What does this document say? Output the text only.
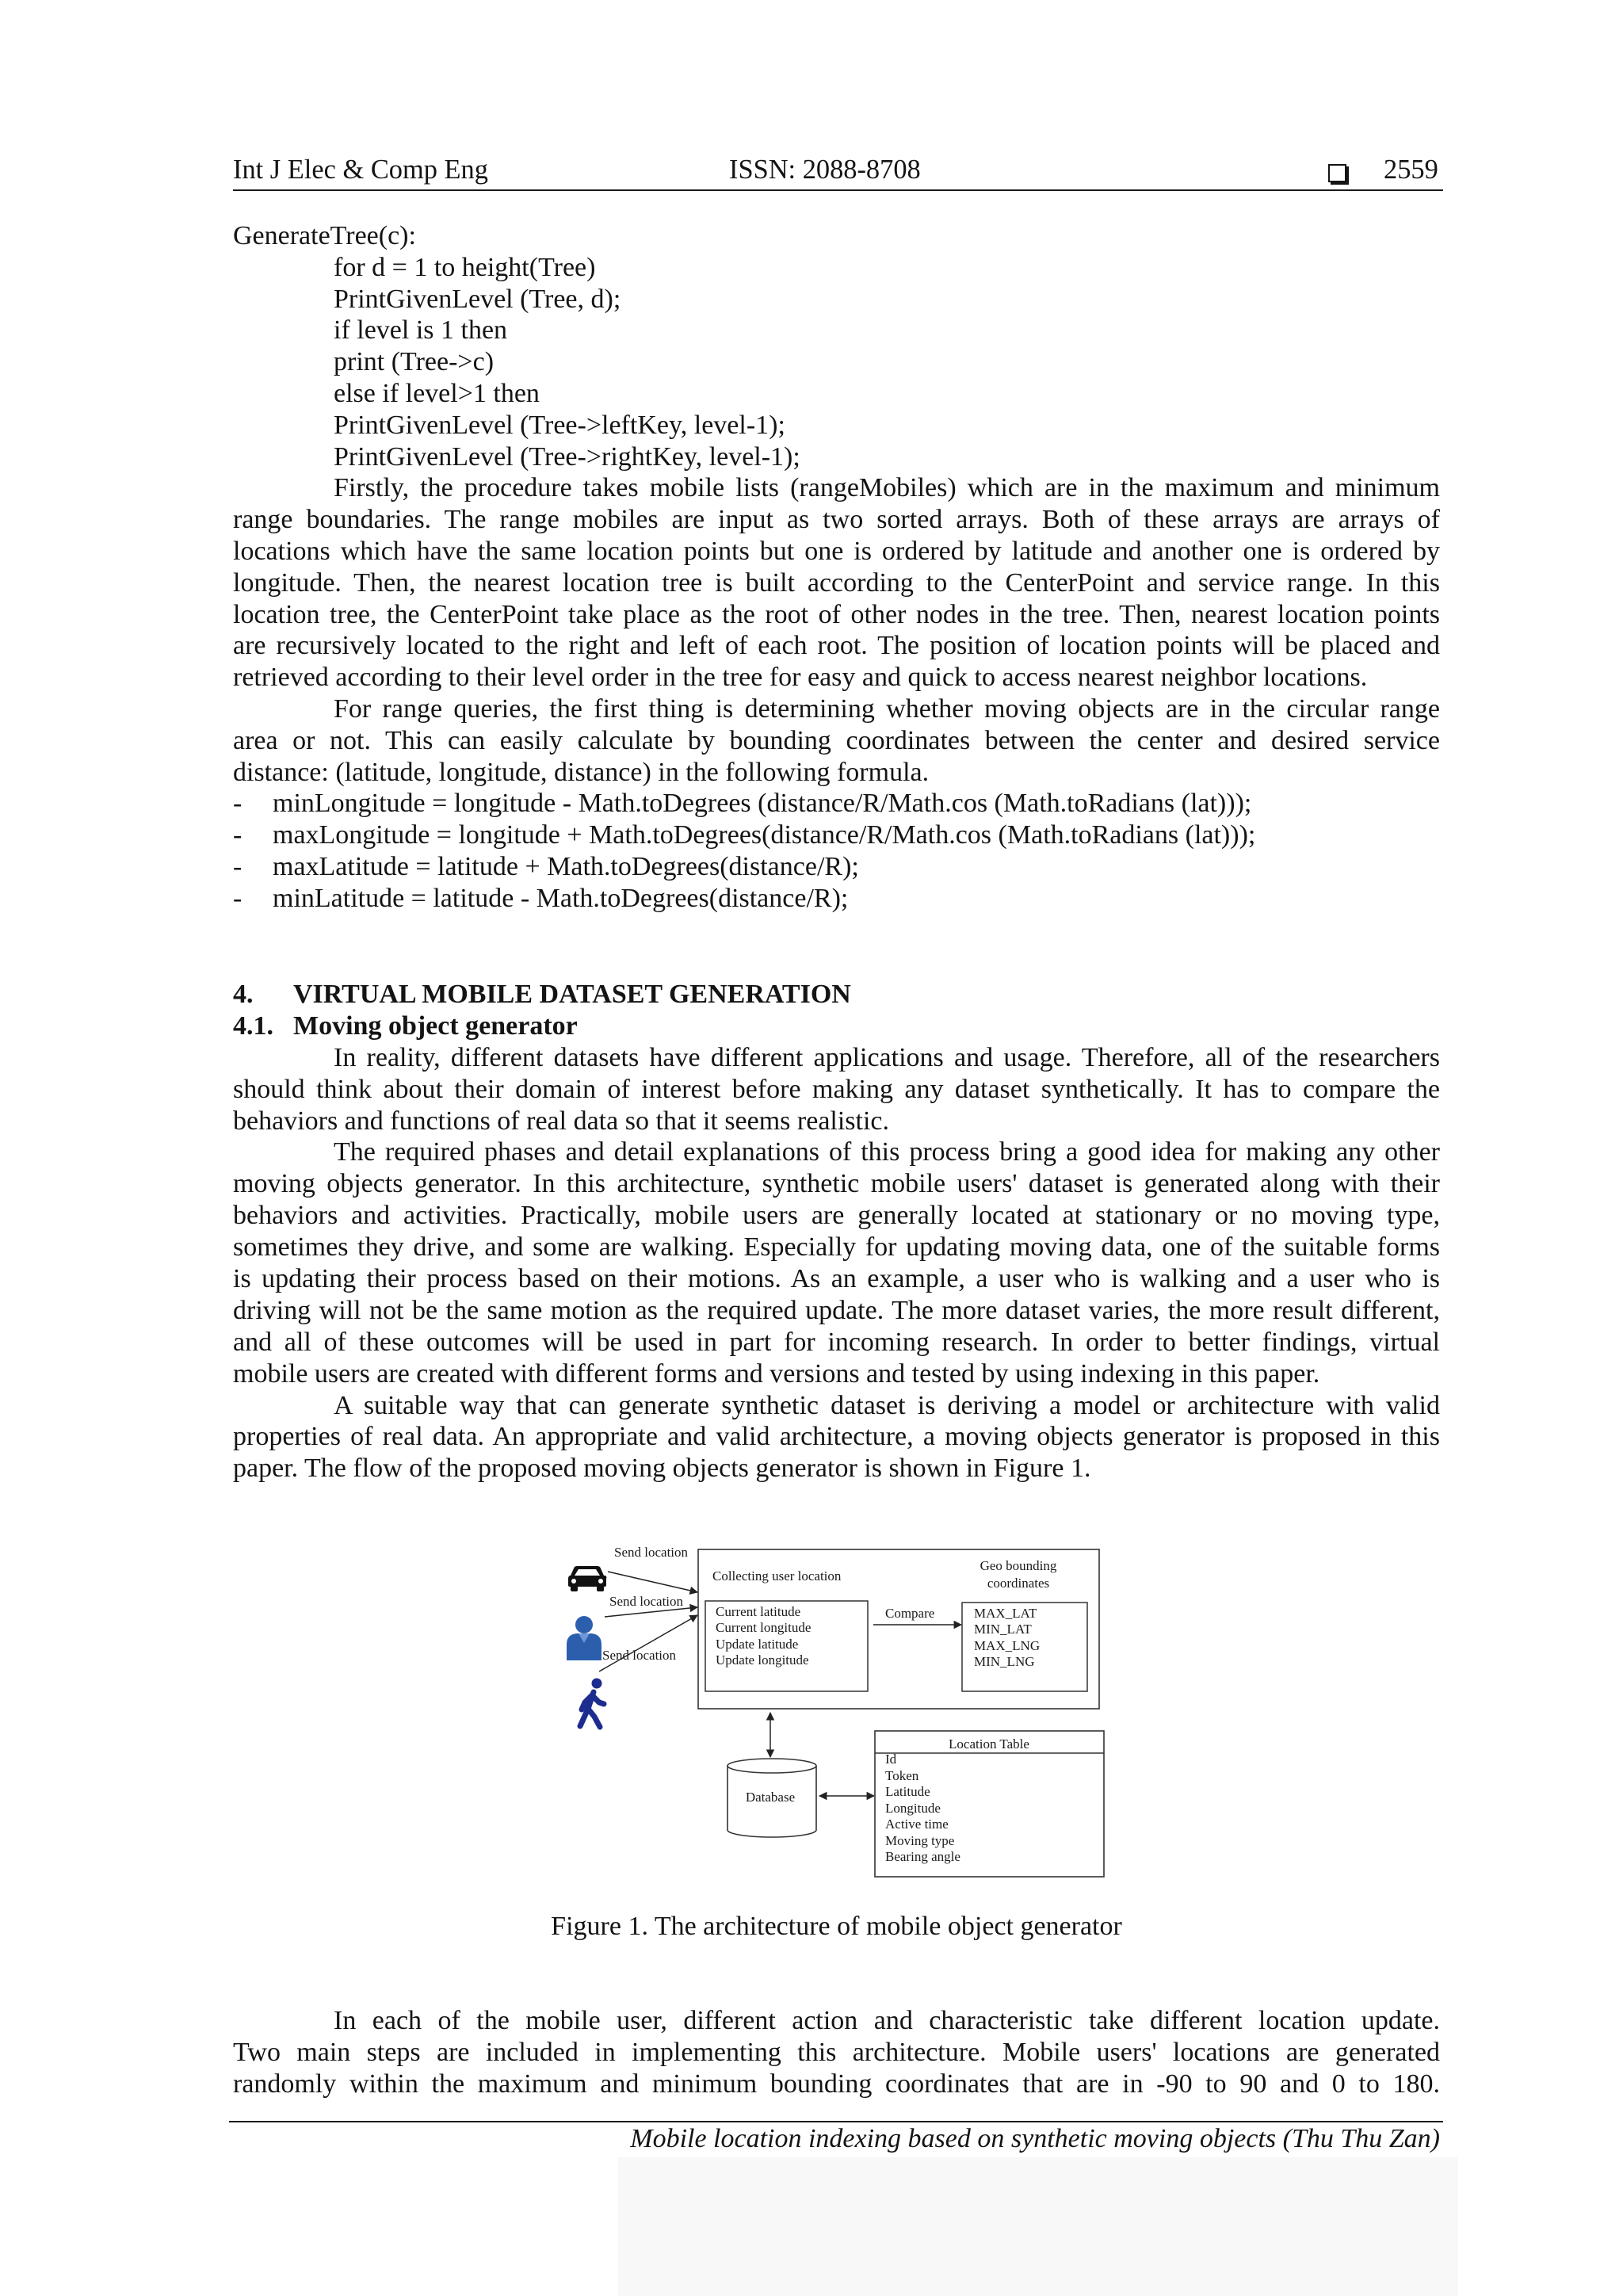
Int J Elec & Comp Eng	ISSN: 2088-8708	2559
GenerateTree(c):
for d = 1 to height(Tree)
PrintGivenLevel (Tree, d);
if level is 1 then
print (Tree->c)
else if level>1 then
PrintGivenLevel (Tree->leftKey, level-1);
PrintGivenLevel (Tree->rightKey, level-1);
Firstly, the procedure takes mobile lists (rangeMobiles) which are in the maximum and minimum
range boundaries. The range mobiles are input as two sorted arrays. Both of these arrays are arrays of
locations which have the same location points but one is ordered by latitude and another one is ordered by
longitude. Then, the nearest location tree is built according to the CenterPoint and service range. In this
location tree, the CenterPoint take place as the root of other nodes in the tree. Then, nearest location points
are recursively located to the right and left of each root. The position of location points will be placed and
retrieved according to their level order in the tree for easy and quick to access nearest neighbor locations.
For range queries, the first thing is determining whether moving objects are in the circular range
area or not. This can easily calculate by bounding coordinates between the center and desired service
distance: (latitude, longitude, distance) in the following formula.
- minLongitude = longitude - Math.toDegrees (distance/R/Math.cos (Math.toRadians (lat)));
- maxLongitude = longitude + Math.toDegrees(distance/R/Math.cos (Math.toRadians (lat)));
- maxLatitude = latitude + Math.toDegrees(distance/R);
- minLatitude = latitude - Math.toDegrees(distance/R);
4. VIRTUAL MOBILE DATASET GENERATION
4.1. Moving object generator
In reality, different datasets have different applications and usage. Therefore, all of the researchers
should think about their domain of interest before making any dataset synthetically. It has to compare the
behaviors and functions of real data so that it seems realistic.
The required phases and detail explanations of this process bring a good idea for making any other
moving objects generator. In this architecture, synthetic mobile users' dataset is generated along with their
behaviors and activities. Practically, mobile users are generally located at stationary or no moving type,
sometimes they drive, and some are walking. Especially for updating moving data, one of the suitable forms
is updating their process based on their motions. As an example, a user who is walking and a user who is
driving will not be the same motion as the required update. The more dataset varies, the more result different,
and all of these outcomes will be used in part for incoming research. In order to better findings, virtual
mobile users are created with different forms and versions and tested by using indexing in this paper.
A suitable way that can generate synthetic dataset is deriving a model or architecture with valid
properties of real data. An appropriate and valid architecture, a moving objects generator is proposed in this
paper. The flow of the proposed moving objects generator is shown in Figure 1.
Send location
Send location
Send location
Collecting user location
Geo bounding
coordinates
Current latitude
Current longitude
Update latitude
Update longitude
Compare	MAX_LAT
MIN_LAT
MAX_LNG
MIN_LNG
Database
Location Table
Id
Token
Latitude
Longitude
Active time
Moving type
Bearing angle
Figure 1. The architecture of mobile object generator
In each of the mobile user, different action and characteristic take different location update.
Two main steps are included in implementing this architecture. Mobile users' locations are generated
randomly within the maximum and minimum bounding coordinates that are in -90 to 90 and 0 to 180.
Mobile location indexing based on synthetic moving objects (Thu Thu Zan)
